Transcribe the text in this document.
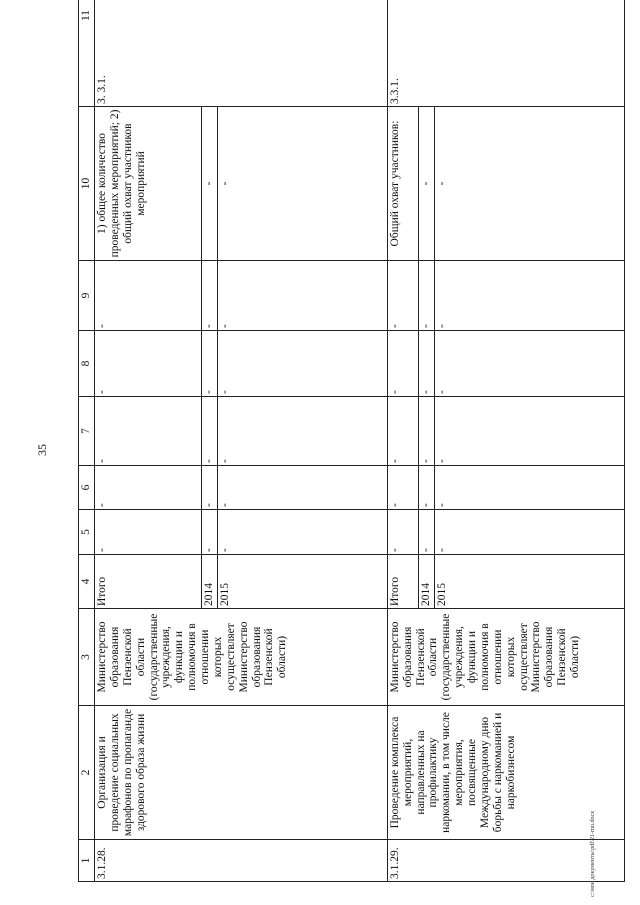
35
1	2	3	4	5	6	7	8	9	10	11
3.1.28.	Организация и проведение социальных марафонов по пропаганде здорового образа жизни	Министерство образования Пензенской области (государственные учреждения, функции и полномочия в отношении которых осуществляет Министерство образования Пензенской области)	Итого	-	-	-	-	-	1) общее количество проведенных мероприятий; 2) общий охват участников мероприятий	3. 3.1.
			2014	-	-	-	-	-	-	
			2015	-	-	-	-	-	-	
3.1.29.	Проведение комплекса мероприятий, направленных на профилактику наркомании, в том числе мероприятия, посвященные Международному дню борьбы с наркоманией и наркобизнесом	Министерство образования Пензенской области (государственные учреждения, функции и полномочия в отношении которых осуществляет Министерство образования Пензенской области)	Итого	-	-	-	-	-	Общий охват участников:	3.3.1.
			2014	-	-	-	-	-	-	
			2015	-	-	-	-	-	-	
c:\мои документы\pdf\21-rnu.docx
